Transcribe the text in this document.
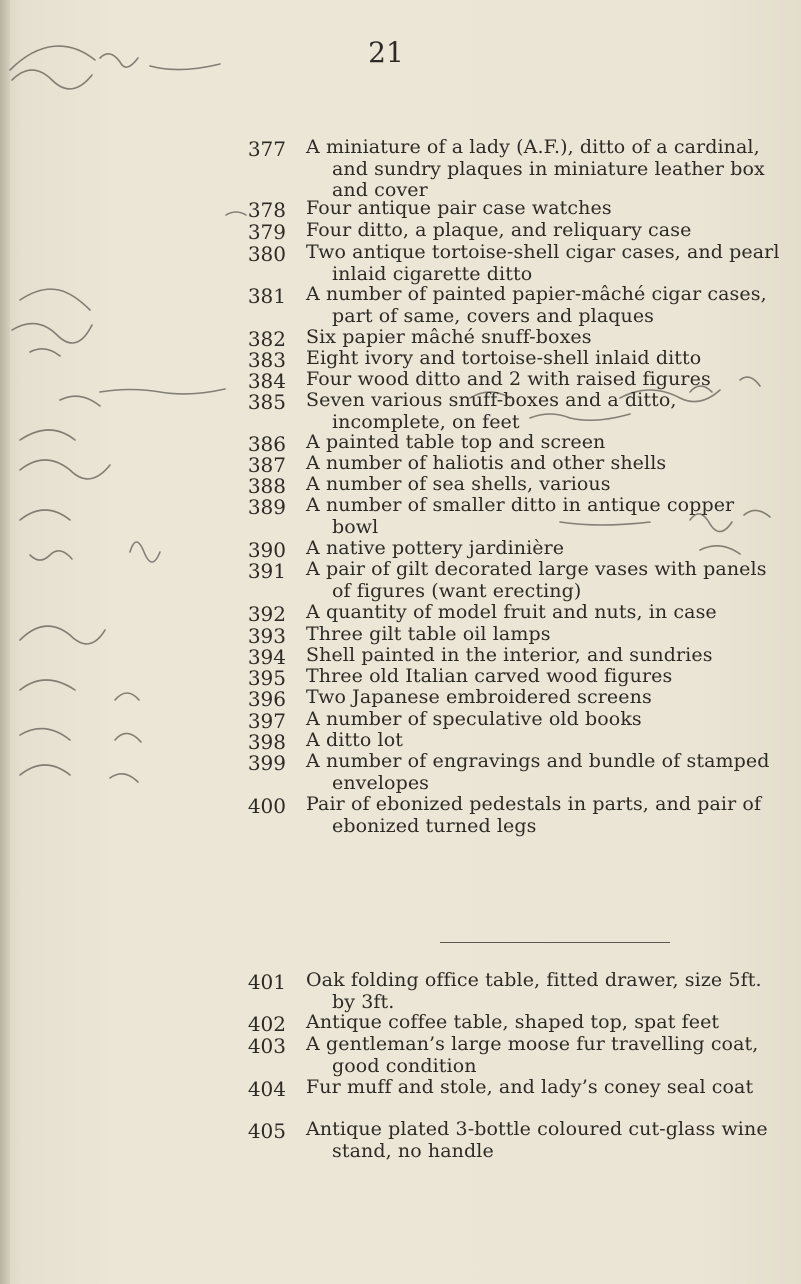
21
377 A miniature of a lady (A.F.), ditto of a cardinal, and sundry plaques in miniature leather box and cover
378 Four antique pair case watches
379 Four ditto, a plaque, and reliquary case
380 Two antique tortoise-shell cigar cases, and pearl inlaid cigarette ditto
381 A number of painted papier-mâché cigar cases, part of same, covers and plaques
382 Six papier mâché snuff-boxes
383 Eight ivory and tortoise-shell inlaid ditto
384 Four wood ditto and 2 with raised figures
385 Seven various snuff-boxes and a ditto, incomplete, on feet
386 A painted table top and screen
387 A number of haliotis and other shells
388 A number of sea shells, various
389 A number of smaller ditto in antique copper bowl
390 A native pottery jardinière
391 A pair of gilt decorated large vases with panels of figures (want erecting)
392 A quantity of model fruit and nuts, in case
393 Three gilt table oil lamps
394 Shell painted in the interior, and sundries
395 Three old Italian carved wood figures
396 Two Japanese embroidered screens
397 A number of speculative old books
398 A ditto lot
399 A number of engravings and bundle of stamped envelopes
400 Pair of ebonized pedestals in parts, and pair of ebonized turned legs
401 Oak folding office table, fitted drawer, size 5ft. by 3ft.
402 Antique coffee table, shaped top, spat feet
403 A gentleman’s large moose fur travelling coat, good condition
404 Fur muff and stole, and lady’s coney seal coat
405 Antique plated 3-bottle coloured cut-glass wine stand, no handle
